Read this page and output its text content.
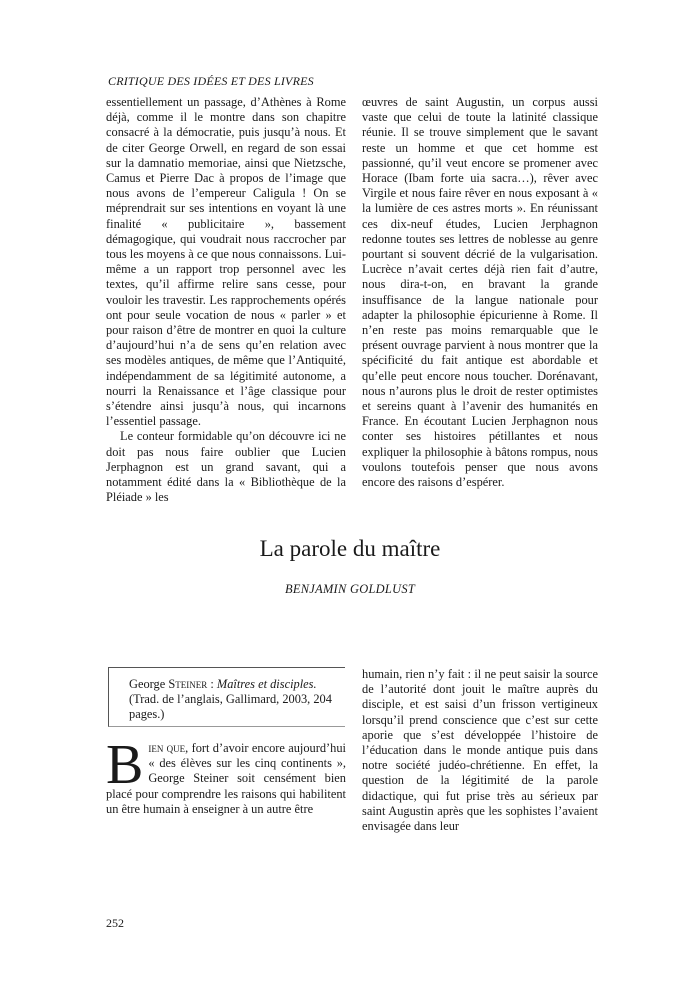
CRITIQUE DES IDÉES ET DES LIVRES

essentiellement un passage, d’Athènes à Rome déjà, comme il le montre dans son chapitre consacré à la démocratie, puis jusqu’à nous. Et de citer George Orwell, en regard de son essai sur la damnatio memoriae, ainsi que Nietzsche, Camus et Pierre Dac à propos de l’image que nous avons de l’empereur Caligula ! On se méprendrait sur ses intentions en voyant là une finalité « publicitaire », bassement démagogique, qui voudrait nous raccrocher par tous les moyens à ce que nous connaissons. Lui-même a un rapport trop personnel avec les textes, qu’il affirme relire sans cesse, pour vouloir les travestir. Les rapprochements opérés ont pour seule vocation de nous « parler » et pour raison d’être de montrer en quoi la culture d’aujourd’hui n’a de sens qu’en relation avec ses modèles antiques, de même que l’Antiquité, indépendamment de sa légitimité autonome, a nourri la Renaissance et l’âge classique pour s’étendre ainsi jusqu’à nous, qui incarnons l’essentiel passage.

Le conteur formidable qu’on découvre ici ne doit pas nous faire oublier que Lucien Jerphagnon est un grand savant, qui a notamment édité dans la « Bibliothèque de la Pléiade » les

œuvres de saint Augustin, un corpus aussi vaste que celui de toute la latinité classique réunie. Il se trouve simplement que le savant reste un homme et que cet homme est passionné, qu’il veut encore se promener avec Horace (Ibam forte uia sacra…), rêver avec Virgile et nous faire rêver en nous exposant à « la lumière de ces astres morts ». En réunissant ces dix-neuf études, Lucien Jerphagnon redonne toutes ses lettres de noblesse au genre pourtant si souvent décrié de la vulgarisation. Lucrèce n’avait certes déjà rien fait d’autre, nous dira-t-on, en bravant la grande insuffisance de la langue nationale pour adapter la philosophie épicurienne à Rome. Il n’en reste pas moins remarquable que le présent ouvrage parvient à nous montrer que la spécificité du fait antique est abordable et qu’elle peut encore nous toucher. Dorénavant, nous n’aurons plus le droit de rester optimistes et sereins quant à l’avenir des humanités en France. En écoutant Lucien Jerphagnon nous conter ses histoires pétillantes et nous expliquer la philosophie à bâtons rompus, nous voulons toutefois penser que nous avons encore des raisons d’espérer.

La parole du maître
BENJAMIN GOLDLUST
George Steiner : Maîtres et disciples. (Trad. de l’anglais, Gallimard, 2003, 204 pages.)

Bien que, fort d’avoir encore aujourd’hui « des élèves sur les cinq continents », George Steiner soit censément bien placé pour comprendre les raisons qui habilitent un être humain à enseigner à un autre être

humain, rien n’y fait : il ne peut saisir la source de l’autorité dont jouit le maître auprès du disciple, et est saisi d’un frisson vertigineux lorsqu’il prend conscience que c’est sur cette aporie que s’est développée l’histoire de l’éducation dans le monde antique puis dans notre société judéo-chrétienne. En effet, la question de la légitimité de la parole didactique, qui fut prise très au sérieux par saint Augustin après que les sophistes l’avaient envisagée dans leur

252
